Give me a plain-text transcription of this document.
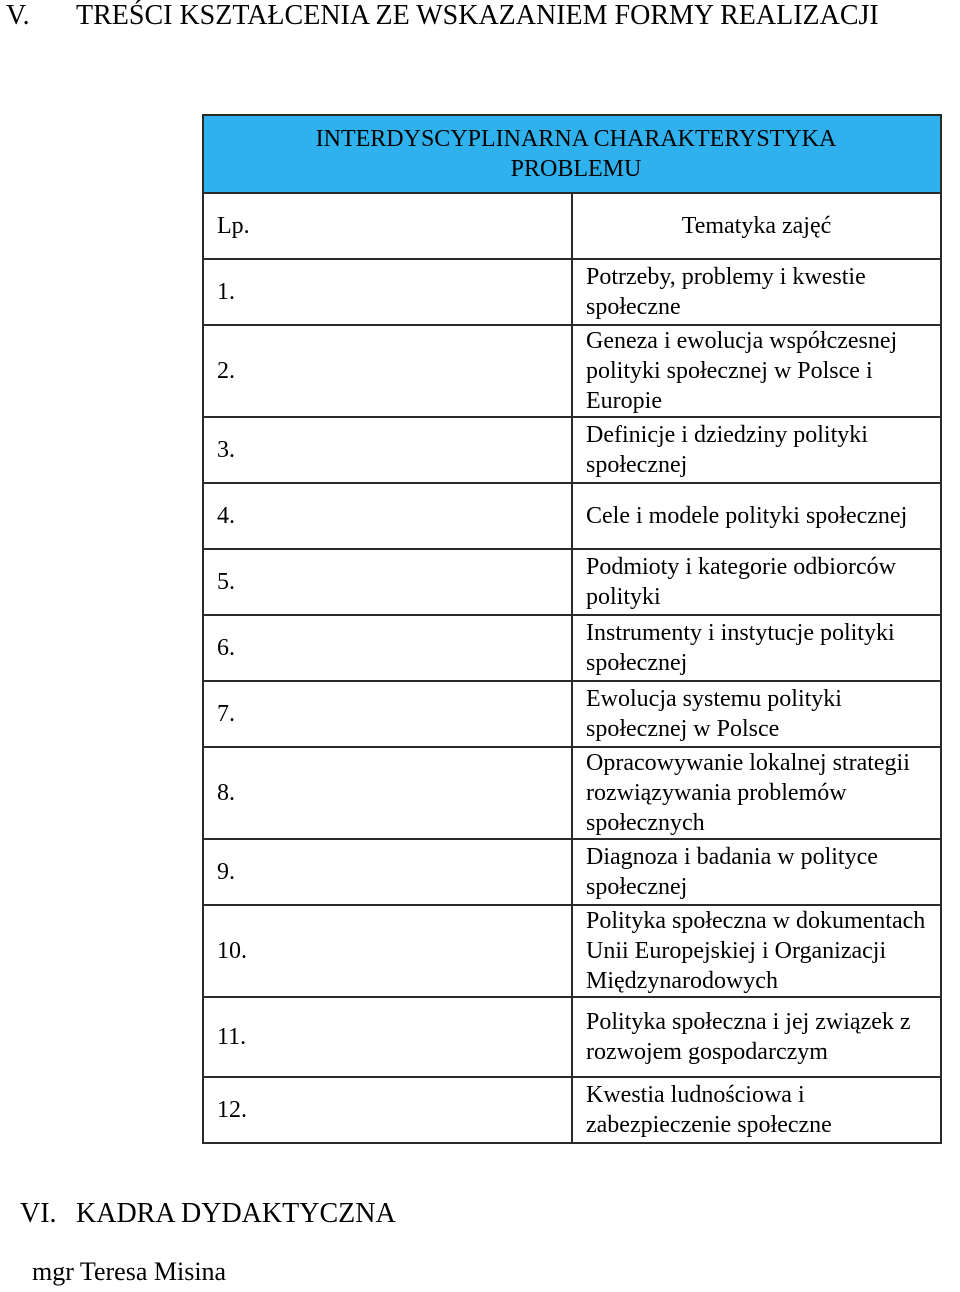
V. TREŚCI KSZTAŁCENIA ZE WSKAZANIEM FORMY REALIZACJI
INTERDYSCYPLINARNA CHARAKTERYSTYKA PROBLEMU	
Lp.	Tematyka zajęć
1.	Potrzeby, problemy i kwestie społeczne
2.	Geneza i ewolucja współczesnej polityki społecznej w Polsce i Europie
3.	Definicje i dziedziny polityki społecznej
4.	Cele i modele polityki społecznej
5.	Podmioty i kategorie odbiorców polityki
6.	Instrumenty i instytucje polityki społecznej
7.	Ewolucja systemu polityki społecznej w Polsce
8.	Opracowywanie lokalnej strategii rozwiązywania problemów społecznych
9.	Diagnoza i badania w polityce społecznej
10.	Polityka społeczna w dokumentach Unii Europejskiej i Organizacji Międzynarodowych
11.	Polityka społeczna i jej związek z rozwojem gospodarczym
12.	Kwestia ludnościowa i zabezpieczenie społeczne
VI. KADRA DYDAKTYCZNA
mgr Teresa Misina
